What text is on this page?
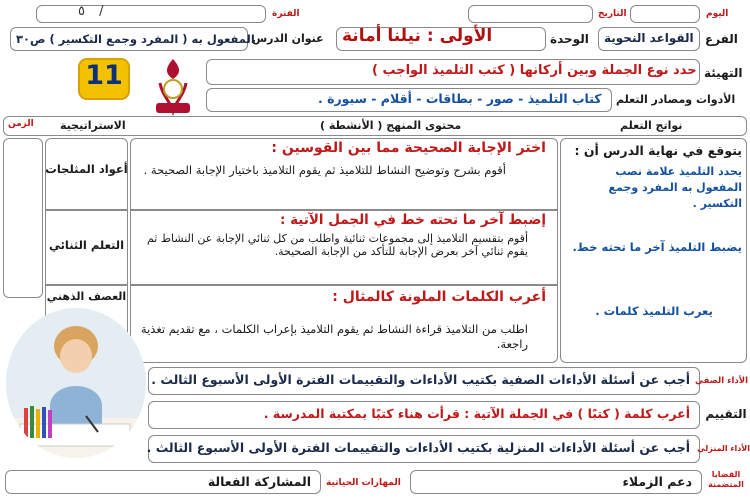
اليوم
التاريخ
الفترة
٥ /
الفرع
القواعد النحوية
الوحدة
الأولى : نيلنا أمانة
عنوان الدرس
المفعول به ( المفرد وجمع التكسير ) ص٣٠
11	التهيئة
حدد نوع الجملة وبين أركانها ( كتب التلميذ الواجب )
الأدوات ومصادر التعلم
كتاب التلميذ - صور - بطاقات - أقلام - سبورة .
نواتج التعلم
محتوى المنهج ( الأنشطة )
الاستراتيجية
الزمن
يتوقع في نهاية الدرس أن :
يحدد التلميذ علامة نصب المفعول به المفرد وجمع التكسير .
يضبط التلميذ آخر ما تحته خط.
يعرب التلميذ كلمات .
اختر الإجابة الصحيحة مما بين القوسين :
أقوم بشرح وتوضيح النشاط للتلاميذ ثم يقوم التلاميذ باختيار الإجابة الصحيحة .
أعواد المثلجات
إضبط آخر ما تحته خط في الجمل الآتية :
أقوم بتقسيم التلاميذ إلى مجموعات ثنائية واطلب من كل ثنائي الإجابة عن النشاط ثم يقوم ثنائي آخر بعرض الإجابة للتأكد من الإجابة الصحيحة.
التعلم الثنائي
أعرب الكلمات الملونة كالمثال :
اطلب من التلاميذ قراءة النشاط ثم يقوم التلاميذ بإعراب الكلمات ، مع تقديم تغذية راجعة.
العصف الذهني
أجب عن أسئلة الأداءات الصفية بكتيب الأداءات والتقييمات الفترة الأولى الأسبوع الثالث . الأداء الصفي
أعرب كلمة ( كتبًا ) في الجملة الآتية : قرأت هناء كتبًا بمكتبة المدرسة . التقييم
أجب عن أسئلة الأداءات المنزلية بكتيب الأداءات والتقييمات الفترة الأولى الأسبوع الثالث . الأداء المنزلي
القضايا المتضمنة
دعم الزملاء
المهارات الحياتية
المشاركة الفعالة
